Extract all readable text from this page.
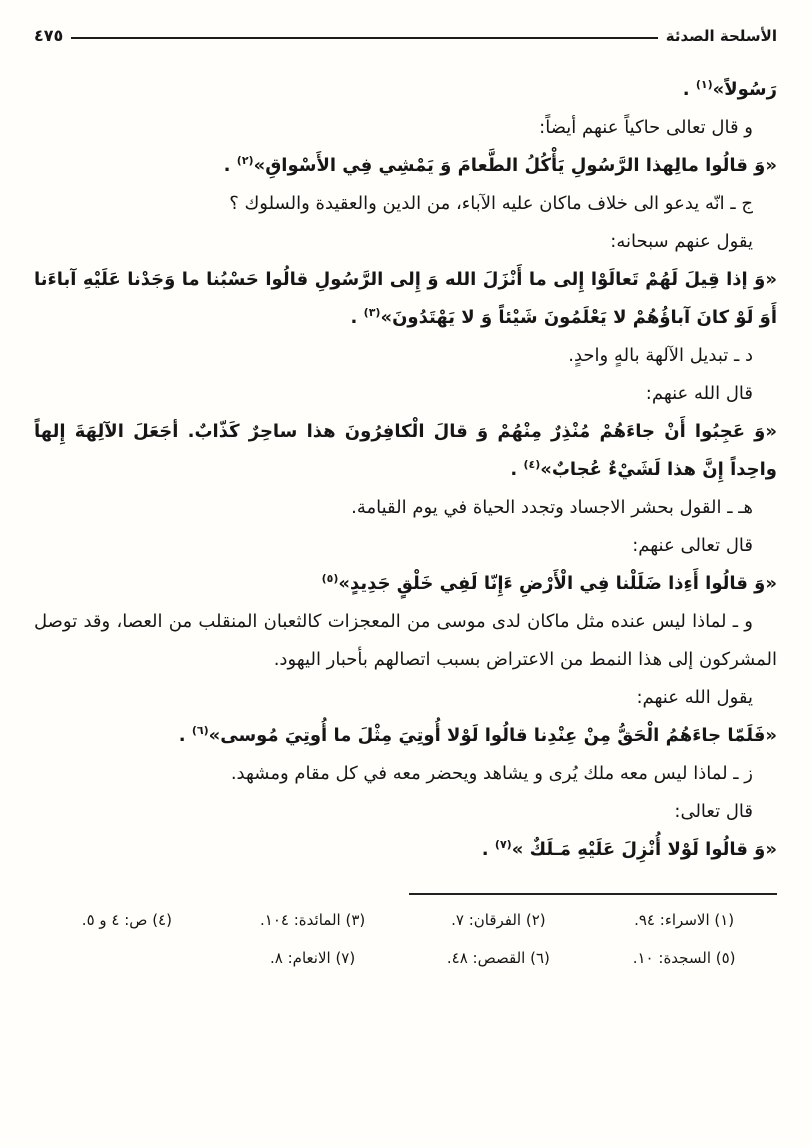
الأسلحة الصدئة
٤٧٥

رَسُولاً»$^{(١)}$ .

و قال تعالى حاكياً عنهم أيضاً:

«وَ قالُوا مالِهذا الرَّسُولِ يَأْكُلُ الطَّعامَ وَ يَمْشِي فِي الأَسْواقِ»$^{(٢)}$ .

ج ـ انّه يدعو الى خلاف ماكان عليه الآباء، من الدين والعقيدة والسلوك ؟

يقول عنهم سبحانه:

«وَ إذا قِيلَ لَهُمْ تَعالَوْا إِلى ما أَنْزَلَ الله وَ إِلى الرَّسُولِ قالُوا حَسْبُنا ما وَجَدْنا عَلَيْهِ آباءَنا أَوَ لَوْ كانَ آباؤُهُمْ لا يَعْلَمُونَ شَيْئاً وَ لا يَهْتَدُونَ»$^{(٣)}$ .

د ـ تبديل الآلهة بالهٍ واحدٍ.

قال الله عنهم:

«وَ عَجِبُوا أَنْ جاءَهُمْ مُنْذِرٌ مِنْهُمْ وَ قالَ الْكافِرُونَ هذا ساحِرٌ كَذّابٌ. أجَعَلَ الآلِهَةَ إِلهاً واحِداً إِنَّ هذا لَشَيْءٌ عُجابٌ»$^{(٤)}$ .

هـ ـ القول بحشر الاجساد وتجدد الحياة في يوم القيامة.

قال تعالى عنهم:

«وَ قالُوا أَءِذا ضَلَلْنا فِي الْأَرْضِ ءَإِنّا لَفِي خَلْقٍ جَدِيدٍ»$^{(٥)}$

و ـ لماذا ليس عنده مثل ماكان لدى موسى من المعجزات كالثعبان المنقلب من العصا، وقد توصل المشركون إلى هذا النمط من الاعتراض بسبب اتصالهم بأحبار اليهود.

يقول الله عنهم:

«فَلَمّا جاءَهُمُ الْحَقُّ مِنْ عِنْدِنا قالُوا لَوْلا أُوتِيَ مِثْلَ ما أُوتِيَ مُوسى»$^{(٦)}$ .

ز ـ لماذا ليس معه ملك يُرى و يشاهد ويحضر معه في كل مقام ومشهد.

قال تعالى:

«وَ قالُوا لَوْلا أُنْزِلَ عَلَيْهِ مَـلَكٌ »$^{(٧)}$ .

(١) الاسراء: ٩٤.
(٢) الفرقان: ٧.
(٣) المائدة: ١٠٤.
(٤) ص: ٤ و ٥.
(٥) السجدة: ١٠.
(٦) القصص: ٤٨.
(٧) الانعام: ٨.
